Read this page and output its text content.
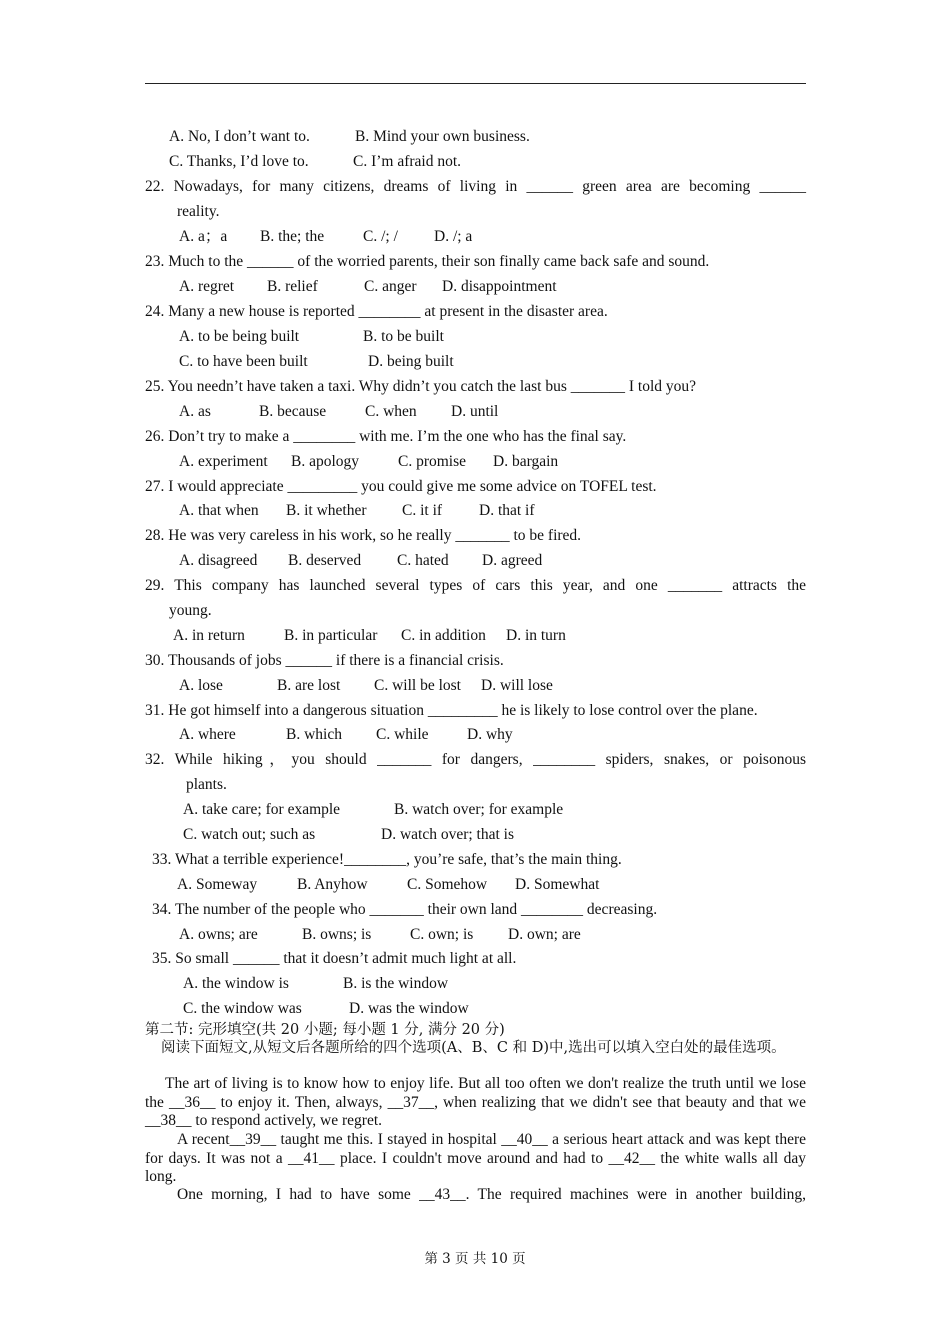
A. No, I don’t want to.	B. Mind your own business.
C. Thanks, I’d love to.	C. I’m afraid not.
22. Nowadays, for many citizens, dreams of living in ______ green area are becoming ______
reality.
A. a；a B. the; the	C. /; / D. /; a
23. Much to the ______ of the worried parents, their son finally came back safe and sound.
A. regret B. relief	C. anger D. disappointment
24. Many a new house is reported ________ at present in the disaster area.
A. to be being built	B. to be built
C. to have been built	D. being built
25. You needn’t have taken a taxi. Why didn’t you catch the last bus _______ I told you?
A. as	B. because	C. when D. until
26. Don’t try to make a ________ with me. I’m the one who has the final say.
A. experiment B. apology	C. promise D. bargain
27. I would appreciate _________ you could give me some advice on TOFEL test.
A. that when B. it whether C. it if D. that if
28. He was very careless in his work, so he really _______ to be fired.
A. disagreed B. deserved C. hated D. agreed
29. This company has launched several types of cars this year, and one _______ attracts the
young.
A. in return	B. in particular C. in addition D. in turn
30. Thousands of jobs ______ if there is a financial crisis.
A. lose	B. are lost C. will be lost D. will lose
31. He got himself into a dangerous situation _________ he is likely to lose control over the plane.
A. where	B. which C. while D. why
32. While hiking，you should _______ for dangers, ________ spiders, snakes, or poisonous
plants.
A. take care; for example	B. watch over; for example
C. watch out; such as	D. watch over; that is
33. What a terrible experience!________, you’re safe, that’s the main thing.
A. Someway	B. Anyhow	C. Somehow D. Somewhat
34. The number of the people who _______ their own land ________ decreasing.
A. owns; are	B. owns; is C. own; is D. own; are
35. So small ______ that it doesn’t admit much light at all.
A. the window is	B. is the window
C. the window was	D. was the window
第二节: 完形填空(共 20 小题; 每小题 1 分, 满分 20 分)
阅读下面短文,从短文后各题所给的四个选项(A、B、C 和 D)中,选出可以填入空白处的最佳选项。
The art of living is to know how to enjoy life. But all too often we don't realize the truth until we lose the __36__ to enjoy it. Then, always, __37__, when realizing that we didn't see that beauty and that we __38__ to respond actively, we regret.
A recent__39__ taught me this. I stayed in hospital __40__ a serious heart attack and was kept there for days. It was not a __41__ place. I couldn't move around and had to __42__ the white walls all day long.
One morning, I had to have some __43__. The required machines were in another building,
第 3 页 共 10 页
